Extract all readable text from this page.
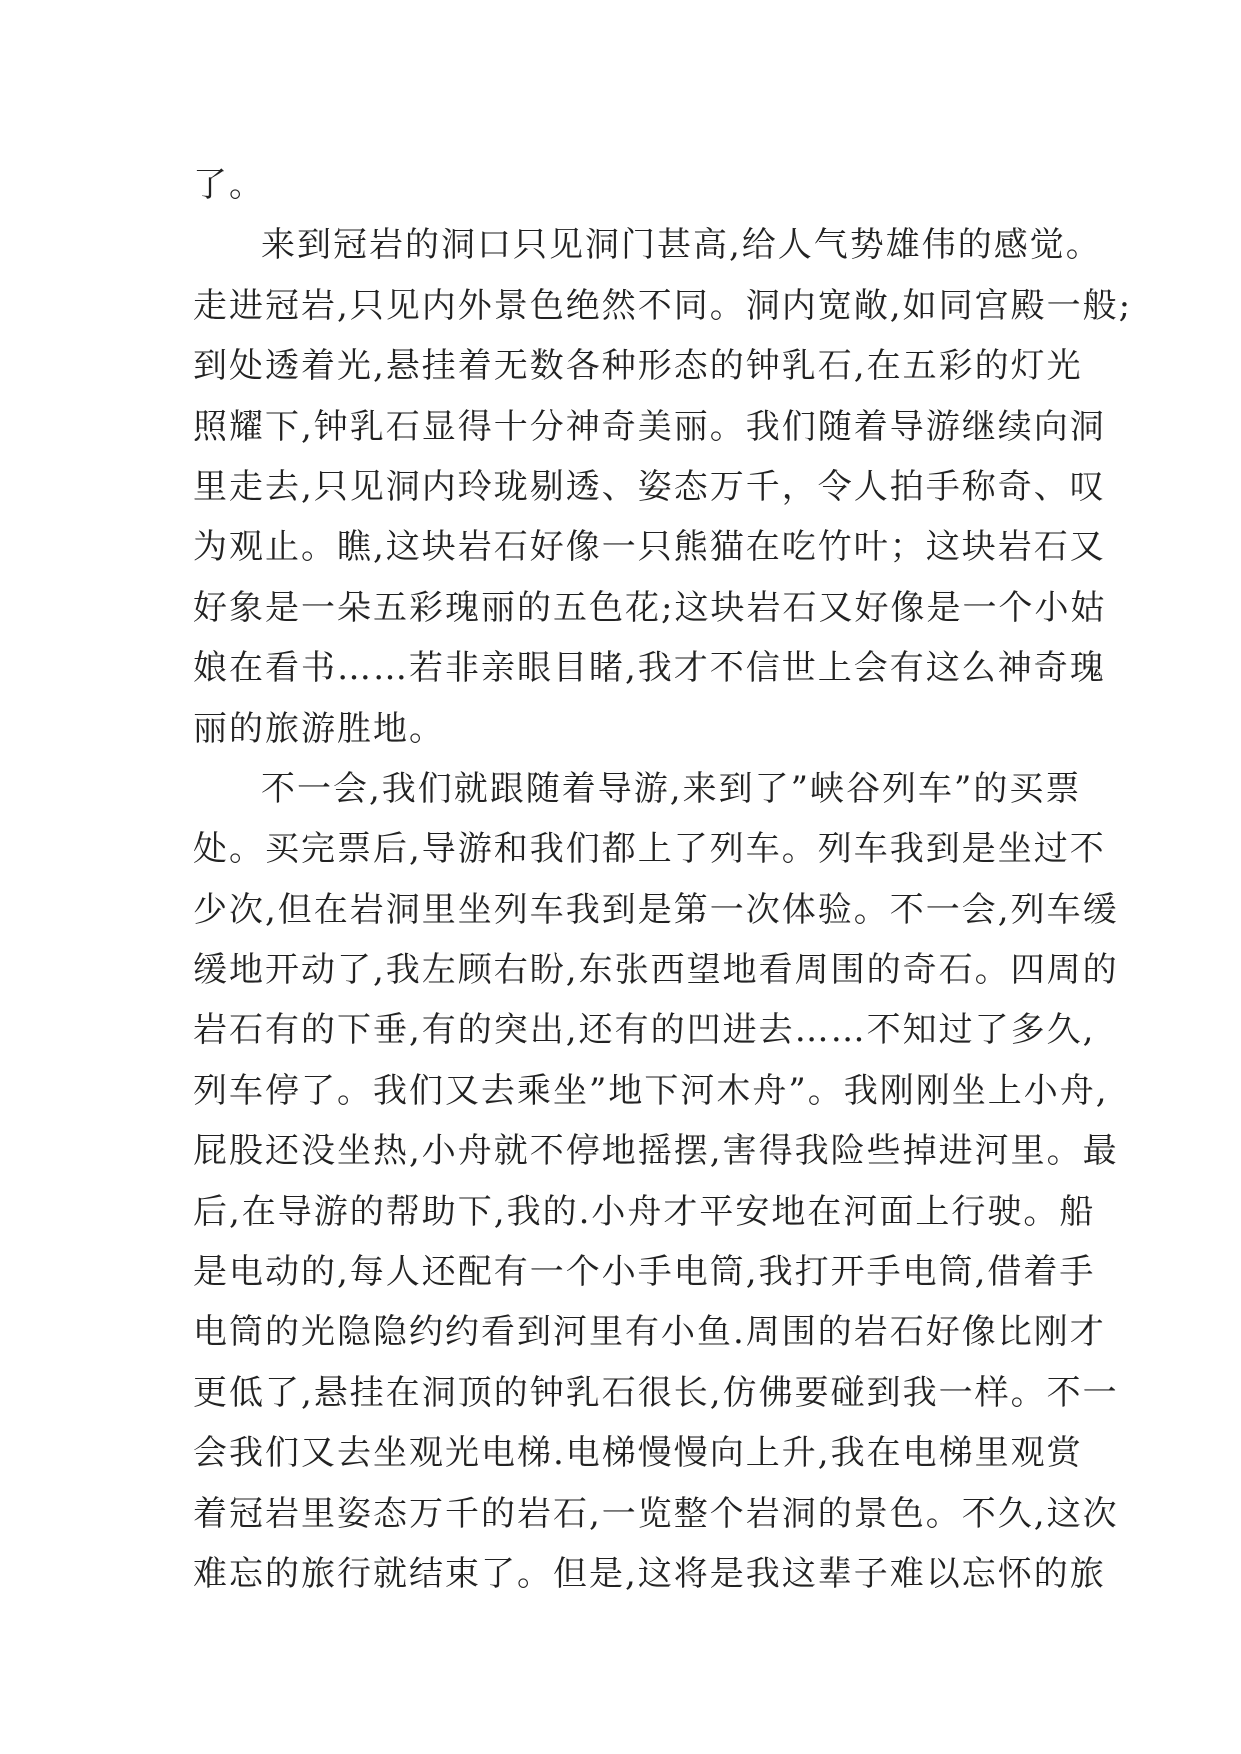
了。
来到冠岩的洞口只见洞门甚高,给人气势雄伟的感觉。
走进冠岩,只见内外景色绝然不同。洞内宽敞,如同宫殿一般;
到处透着光,悬挂着无数各种形态的钟乳石,在五彩的灯光
照耀下,钟乳石显得十分神奇美丽。我们随着导游继续向洞
里走去,只见洞内玲珑剔透、姿态万千，令人拍手称奇、叹
为观止。瞧,这块岩石好像一只熊猫在吃竹叶；这块岩石又
好象是一朵五彩瑰丽的五色花;这块岩石又好像是一个小姑
娘在看书……若非亲眼目睹,我才不信世上会有这么神奇瑰
丽的旅游胜地。
不一会,我们就跟随着导游,来到了”峡谷列车”的买票
处。买完票后,导游和我们都上了列车。列车我到是坐过不
少次,但在岩洞里坐列车我到是第一次体验。不一会,列车缓
缓地开动了,我左顾右盼,东张西望地看周围的奇石。四周的
岩石有的下垂,有的突出,还有的凹进去……不知过了多久,
列车停了。我们又去乘坐”地下河木舟”。我刚刚坐上小舟,
屁股还没坐热,小舟就不停地摇摆,害得我险些掉进河里。最
后,在导游的帮助下,我的.小舟才平安地在河面上行驶。船
是电动的,每人还配有一个小手电筒,我打开手电筒,借着手
电筒的光隐隐约约看到河里有小鱼.周围的岩石好像比刚才
更低了,悬挂在洞顶的钟乳石很长,仿佛要碰到我一样。不一
会我们又去坐观光电梯.电梯慢慢向上升,我在电梯里观赏
着冠岩里姿态万千的岩石,一览整个岩洞的景色。不久,这次
难忘的旅行就结束了。但是,这将是我这辈子难以忘怀的旅
